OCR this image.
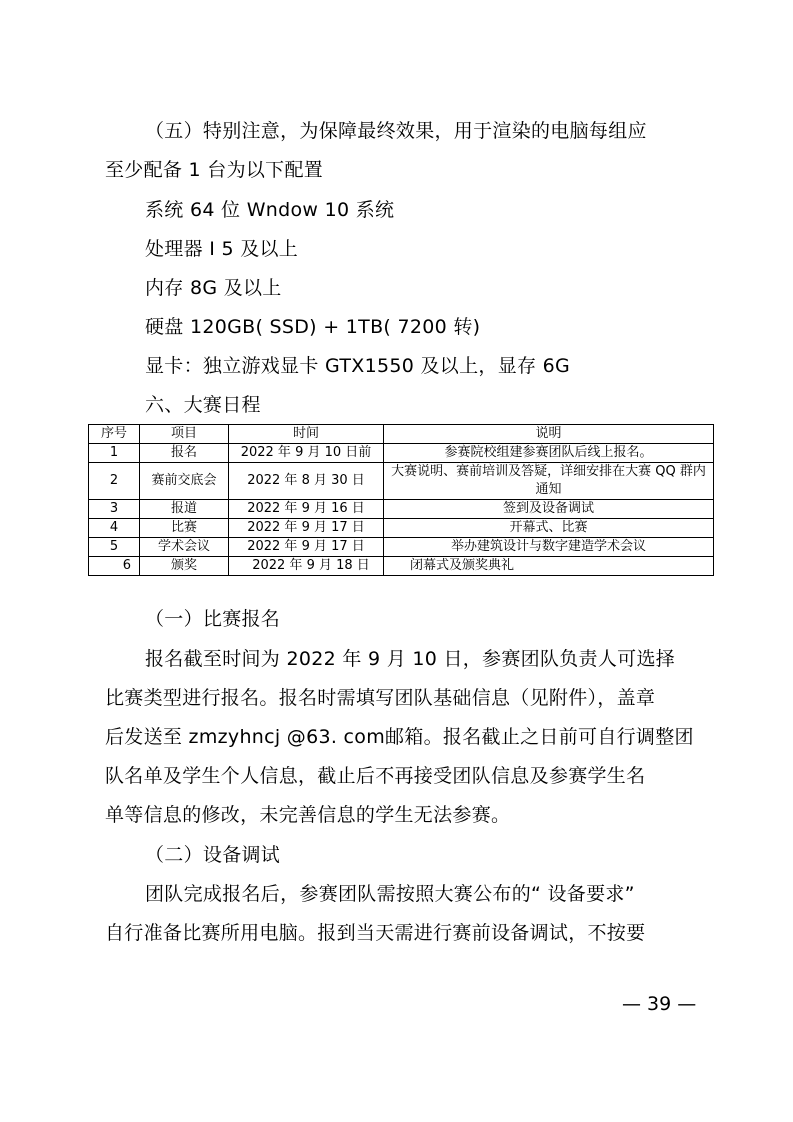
（五）特别注意，为保障最终效果，用于渲染的电脑每组应
至少配备 1 台为以下配置
系统 64 位 Wndow 10 系统
处理器 I 5 及以上
内存 8G 及以上
硬盘 120GB( SSD) + 1TB( 7200 转)
显卡：独立游戏显卡 GTX1550 及以上，显存 6G
六、大赛日程
序号	项目	时间	说明
1	报名	2022 年 9 月 10 日前	参赛院校组建参赛团队后线上报名。
2	赛前交底会	2022 年 8 月 30 日	大赛说明、赛前培训及答疑，详细安排在大赛 QQ 群内通知
3	报道	2022 年 9 月 16 日	签到及设备调试
4	比赛	2022 年 9 月 17 日	开幕式、比赛
5	学术会议	2022 年 9 月 17 日	举办建筑设计与数字建造学术会议
6	颁奖	2022 年 9 月 18 日	闭幕式及颁奖典礼
（一）比赛报名
报名截至时间为 2022 年 9 月 10 日，参赛团队负责人可选择
比赛类型进行报名。报名时需填写团队基础信息（见附件），盖章
后发送至 zmzyhncj @63. com邮箱。报名截止之日前可自行调整团
队名单及学生个人信息，截止后不再接受团队信息及参赛学生名
单等信息的修改，未完善信息的学生无法参赛。
（二）设备调试
团队完成报名后，参赛团队需按照大赛公布的“ 设备要求”
自行准备比赛所用电脑。报到当天需进行赛前设备调试，不按要
— 39 —
